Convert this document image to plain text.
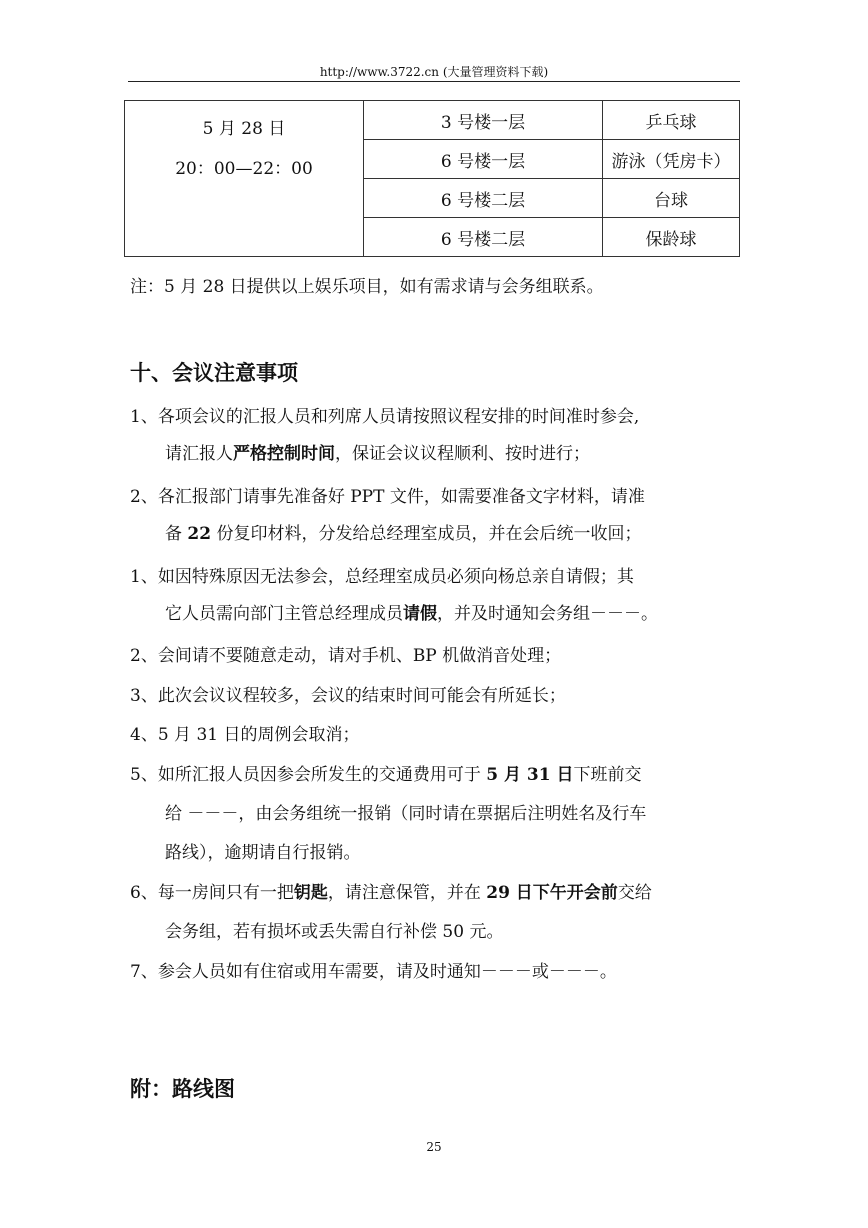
http://www.3722.cn (大量管理资料下载)
5 月 28 日
20：00—22：00	3 号楼一层	乒乓球
	6 号楼一层	游泳（凭房卡）
	6 号楼二层	台球
	6 号楼二层	保龄球
注：5 月 28 日提供以上娱乐项目，如有需求请与会务组联系。
十、会议注意事项
1、各项会议的汇报人员和列席人员请按照议程安排的时间准时参会,
请汇报人严格控制时间，保证会议议程顺利、按时进行；
2、各汇报部门请事先准备好 PPT 文件，如需要准备文字材料，请准
备 22 份复印材料，分发给总经理室成员，并在会后统一收回；
1、如因特殊原因无法参会，总经理室成员必须向杨总亲自请假；其
它人员需向部门主管总经理成员请假，并及时通知会务组－－－。
2、会间请不要随意走动，请对手机、BP 机做消音处理；
3、此次会议议程较多，会议的结束时间可能会有所延长；
4、5 月 31 日的周例会取消；
5、如所汇报人员因参会所发生的交通费用可于 5 月 31 日下班前交
给 －－－，由会务组统一报销（同时请在票据后注明姓名及行车
路线），逾期请自行报销。
6、每一房间只有一把钥匙，请注意保管，并在 29 日下午开会前交给
会务组，若有损坏或丢失需自行补偿 50 元。
7、参会人员如有住宿或用车需要，请及时通知－－－或－－－。
附：路线图
25
